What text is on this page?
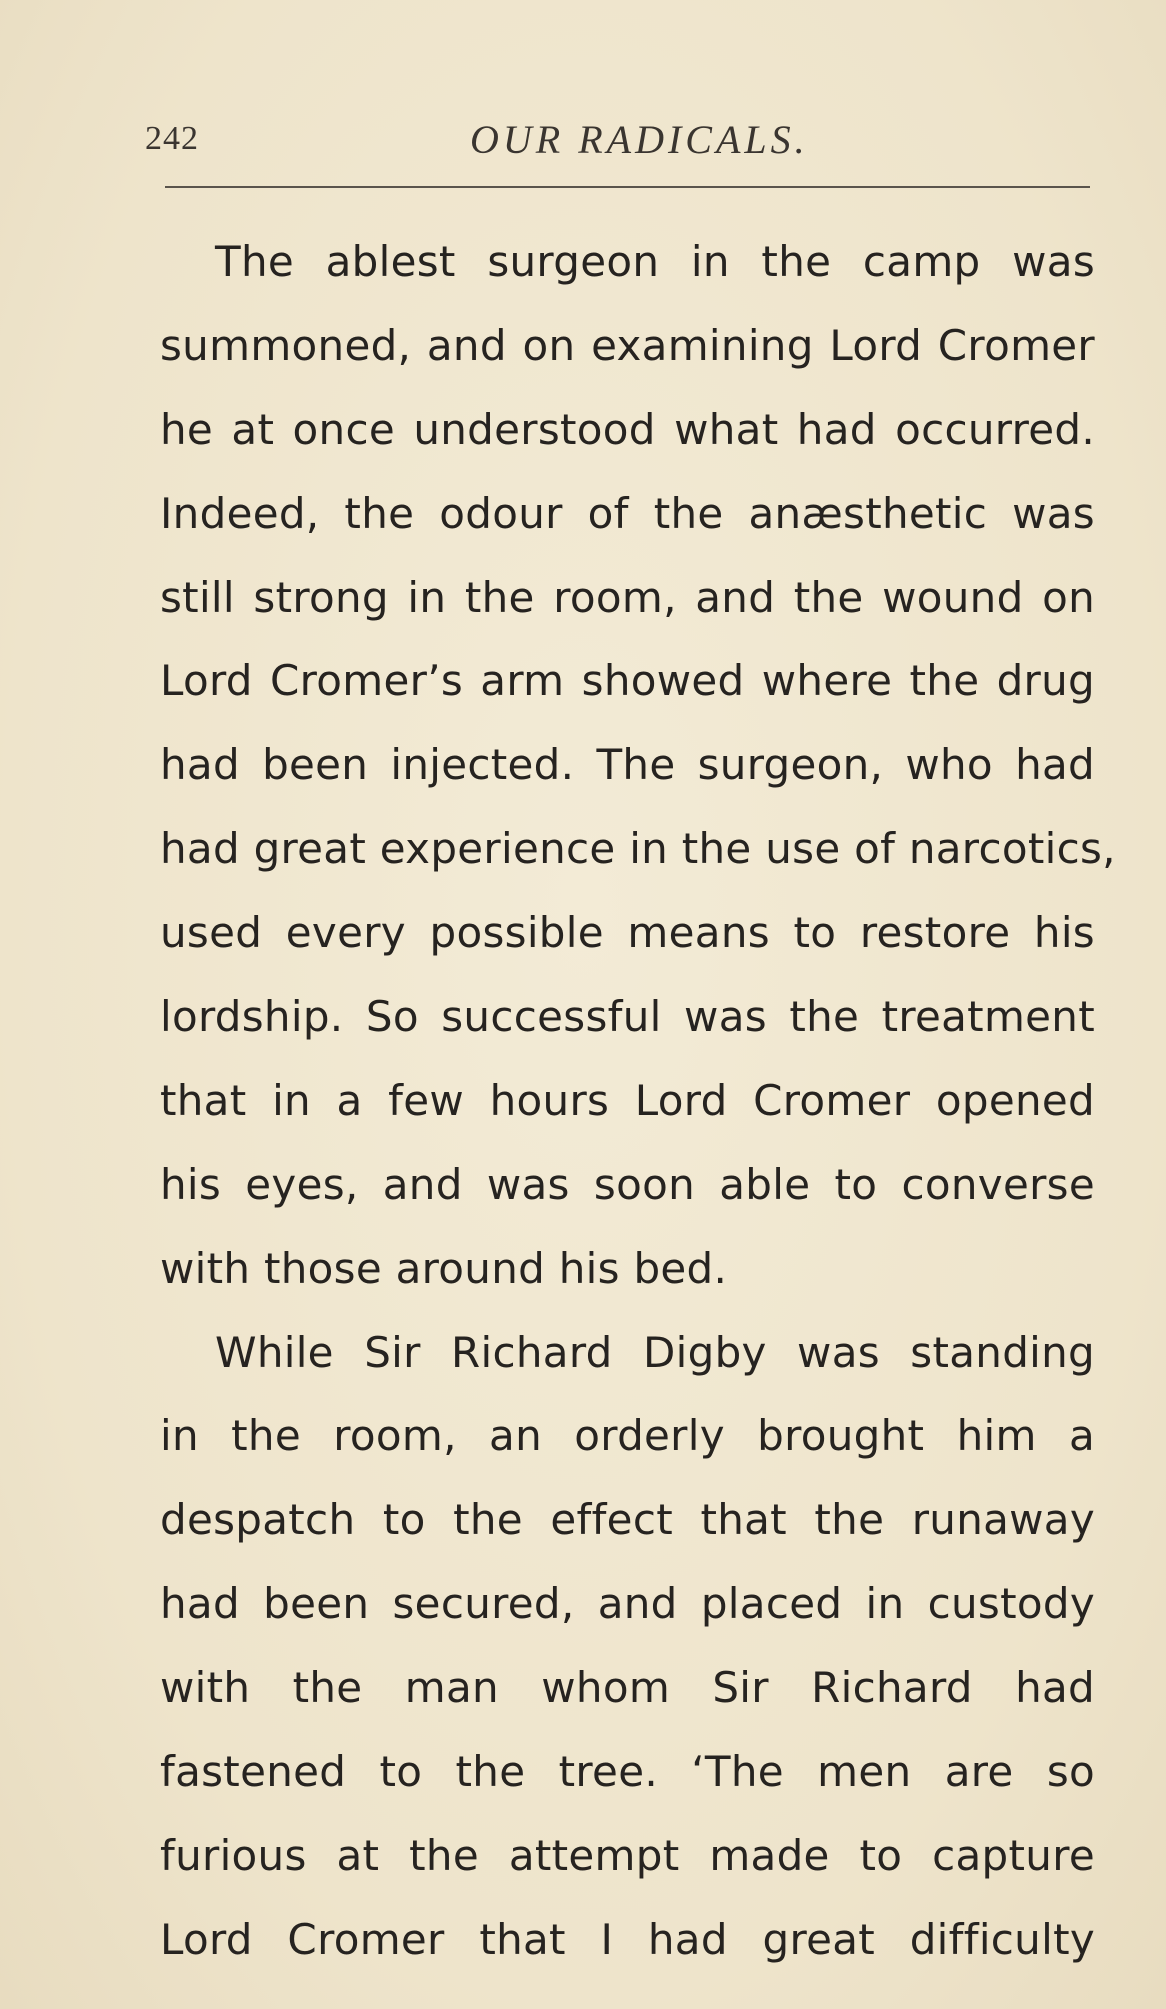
242	OUR RADICALS.
The ablest surgeon in the camp was
summoned, and on examining Lord Cromer
he at once understood what had occurred.
Indeed, the odour of the anæsthetic was
still strong in the room, and the wound on
Lord Cromer’s arm showed where the drug
had been injected. The surgeon, who had
had great experience in the use of narcotics,
used every possible means to restore his
lordship. So successful was the treatment
that in a few hours Lord Cromer opened
his eyes, and was soon able to converse
with those around his bed.
While Sir Richard Digby was standing
in the room, an orderly brought him a
despatch to the effect that the runaway
had been secured, and placed in custody
with the man whom Sir Richard had
fastened to the tree. ‘The men are so
furious at the attempt made to capture
Lord Cromer that I had great difficulty
